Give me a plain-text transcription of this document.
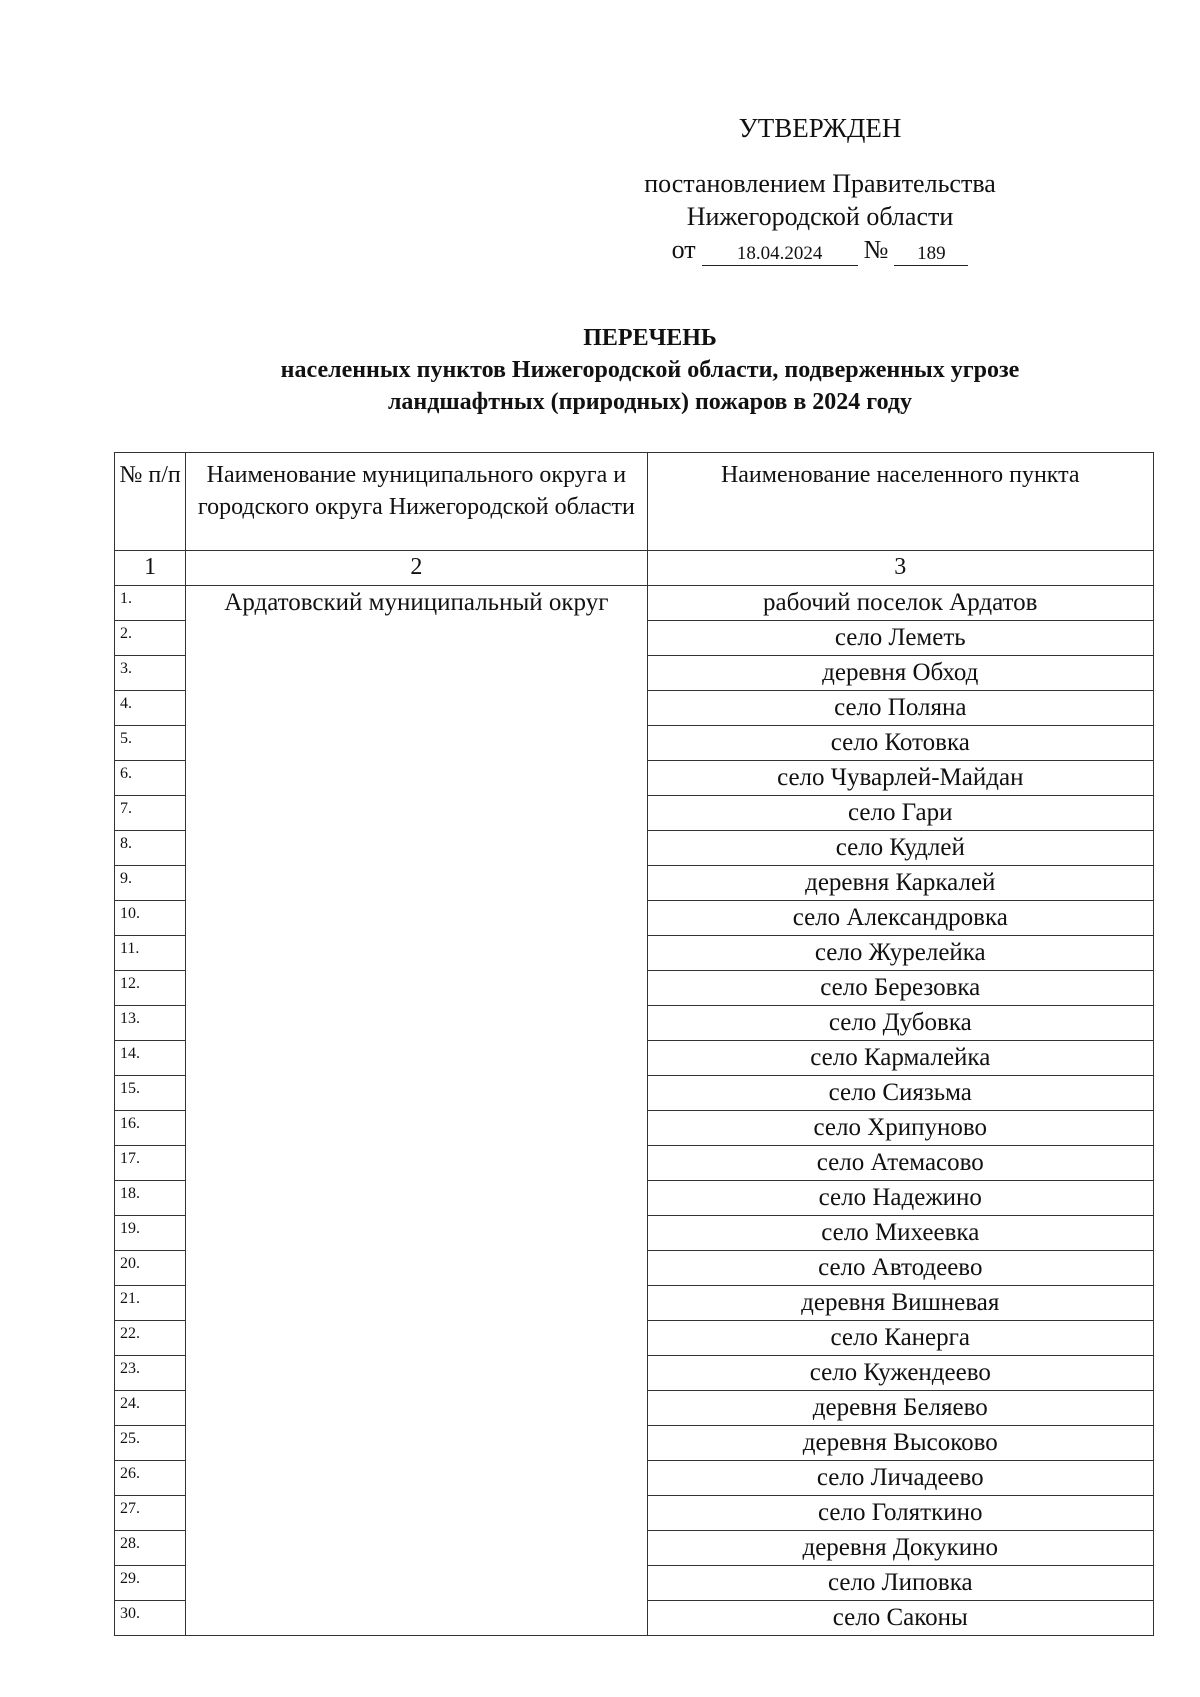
УТВЕРЖДЕН
постановлением Правительства
Нижегородской области
от	18.04.2024	№	189
ПЕРЕЧЕНЬ
населенных пунктов Нижегородской области, подверженных угрозе
ландшафтных (природных) пожаров в 2024 году
№ п/п	Наименование муниципального округа и городского округа Нижегородской области	Наименование населенного пункта
1	2	3
1.	Ардатовский муниципальный округ	рабочий поселок Ардатов
2.		село Леметь
3.		деревня Обход
4.		село Поляна
5.		село Котовка
6.		село Чуварлей-Майдан
7.		село Гари
8.		село Кудлей
9.		деревня Каркалей
10.		село Александровка
11.		село Журелейка
12.		село Березовка
13.		село Дубовка
14.		село Кармалейка
15.		село Сиязьма
16.		село Хрипуново
17.		село Атемасово
18.		село Надежино
19.		село Михеевка
20.		село Автодеево
21.		деревня Вишневая
22.		село Канерга
23.		село Куженд​еево
24.		деревня Беляево
25.		деревня Высоково
26.		село Личадеево
27.		село Голяткино
28.		деревня Докукино
29.		село Липовка
30.		село Саконы
